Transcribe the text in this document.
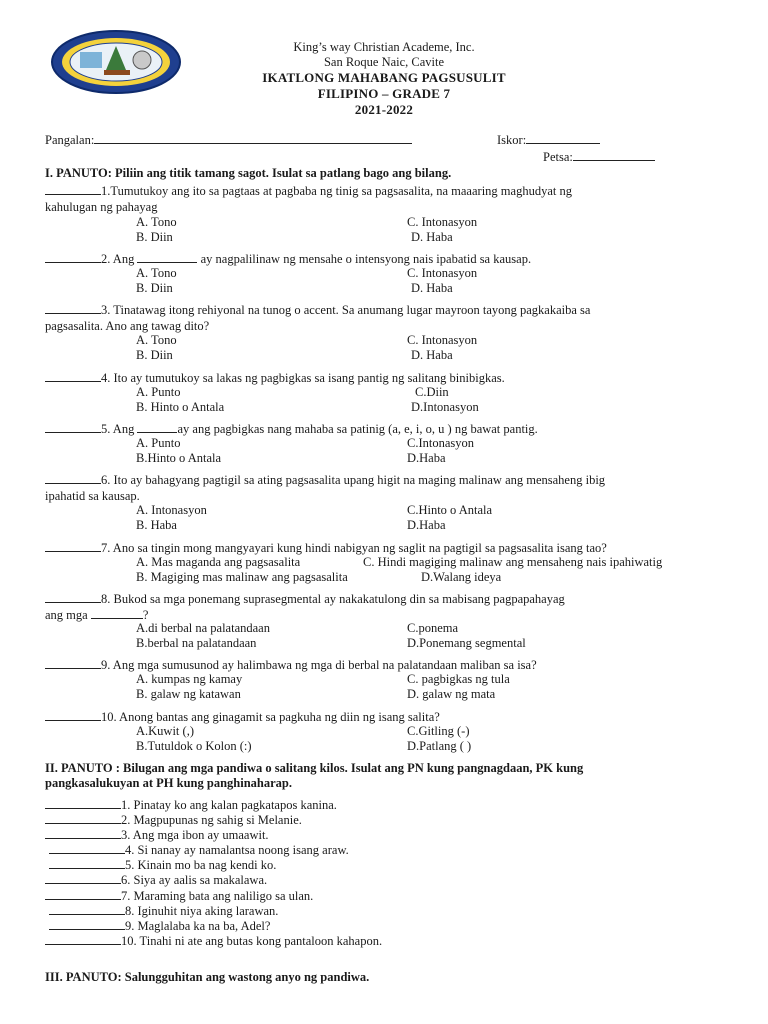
King’s way Christian Academe, Inc.
San Roque Naic, Cavite
IKATLONG MAHABANG PAGSUSULIT
FILIPINO – GRADE 7
2021-2022
Pangalan:	Iskor:
Petsa:
I. PANUTO: Piliin ang titik tamang sagot. Isulat sa patlang bago ang bilang.
1.Tumutukoy ang ito sa pagtaas at pagbaba ng tinig sa pagsasalita, na maaaring maghudyat ng
kahulugan ng pahayag
A. Tono	C. Intonasyon
B. Diin	D. Haba
2. Ang	ay nagpalilinaw ng mensahe o intensyong nais ipabatid sa kausap.
A. Tono	C. Intonasyon
B. Diin	D. Haba
3. Tinatawag itong rehiyonal na tunog o accent. Sa anumang lugar mayroon tayong pagkakaiba sa
pagsasalita. Ano ang tawag dito?
A. Tono	C. Intonasyon
B. Diin	D. Haba
4. Ito ay tumutukoy sa lakas ng pagbigkas sa isang pantig ng salitang binibigkas.
A. Punto	C.Diin
B. Hinto o Antala	D.Intonasyon
5. Ang	ay ang pagbigkas nang mahaba sa patinig (a, e, i, o, u ) ng bawat pantig.
A. Punto	C.Intonasyon
B.Hinto o Antala	D.Haba
6. Ito ay bahagyang pagtigil sa ating pagsasalita upang higit na maging malinaw ang mensaheng ibig
ipahatid sa kausap.
A. Intonasyon	C.Hinto o Antala
B. Haba	D.Haba
7. Ano sa tingin mong mangyayari kung hindi nabigyan ng saglit na pagtigil sa pagsasalita isang tao?
A. Mas maganda ang pagsasalita	C. Hindi magiging malinaw ang mensaheng nais ipahiwatig
B. Magiging mas malinaw ang pagsasalita	D.Walang ideya
8. Bukod sa mga ponemang suprasegmental ay nakakatulong din sa mabisang pagpapahayag
ang mga	?
A.di berbal na palatandaan	C.ponema
B.berbal na palatandaan	D.Ponemang segmental
9. Ang mga sumusunod ay halimbawa ng mga di berbal na palatandaan maliban sa isa?
A. kumpas ng kamay	C. pagbigkas ng tula
B. galaw ng katawan	D. galaw ng mata
10. Anong bantas ang ginagamit sa pagkuha ng diin ng isang salita?
A.Kuwit (,)	C.Gitling (-)
B.Tutuldok o Kolon (:)	D.Patlang ( )
II. PANUTO : Bilugan ang mga pandiwa o salitang kilos. Isulat ang PN kung pangnagdaan, PK kung
pangkasalukuyan at PH kung panghinaharap.
1. Pinatay ko ang kalan pagkatapos kanina.
2. Magpupunas ng sahig si Melanie.
3. Ang mga ibon ay umaawit.
4. Si nanay ay namalantsa noong isang araw.
5. Kinain mo ba nag kendi ko.
6. Siya ay aalis sa makalawa.
7. Maraming bata ang naliligo sa ulan.
8. Iginuhit niya aking larawan.
9. Maglalaba ka na ba, Adel?
10. Tinahi ni ate ang butas kong pantaloon kahapon.
III. PANUTO: Salungguhitan ang wastong anyo ng pandiwa.
